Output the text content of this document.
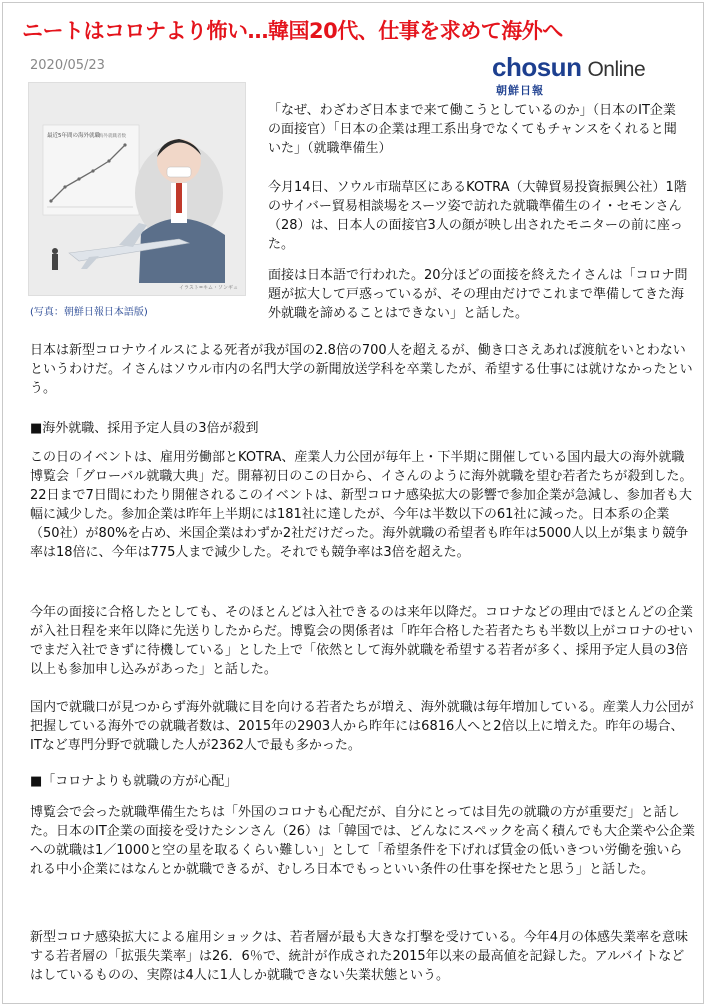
ニートはコロナより怖い…韓国20代、仕事を求めて海外へ
2020/05/23	chosun Online
朝鮮日報
最近5年間の海外就職 海外就職者数
イラスト=キム・ソンギュ
(写真：朝鮮日報日本語版)

「なぜ、わざわざ日本まで来て働こうとしているのか」（日本のIT企業の面接官）「日本の企業は理工系出身でなくてもチャンスをくれると聞いた」（就職準備生）

今月14日、ソウル市瑞草区にあるKOTRA（大韓貿易投資振興公社）1階のサイバー貿易相談場をスーツ姿で訪れた就職準備生のイ・セモンさん（28）は、日本人の面接官3人の顔が映し出されたモニターの前に座った。

面接は日本語で行われた。20分ほどの面接を終えたイさんは「コロナ問題が拡大して戸惑っているが、その理由だけでこれまで準備してきた海外就職を諦めることはできない」と話した。

日本は新型コロナウイルスによる死者が我が国の2.8倍の700人を超えるが、働き口さえあれば渡航をいとわないというわけだ。イさんはソウル市内の名門大学の新聞放送学科を卒業したが、希望する仕事には就けなかったという。

■海外就職、採用予定人員の3倍が殺到

この日のイベントは、雇用労働部とKOTRA、産業人力公団が毎年上・下半期に開催している国内最大の海外就職博覧会「グローバル就職大典」だ。開幕初日のこの日から、イさんのように海外就職を望む若者たちが殺到した。22日まで7日間にわたり開催されるこのイベントは、新型コロナ感染拡大の影響で参加企業が急減し、参加者も大幅に減少した。参加企業は昨年上半期には181社に達したが、今年は半数以下の61社に減った。日本系の企業（50社）が80%を占め、米国企業はわずか2社だけだった。海外就職の希望者も昨年は5000人以上が集まり競争率は18倍に、今年は775人まで減少した。それでも競争率は3倍を超えた。

今年の面接に合格したとしても、そのほとんどは入社できるのは来年以降だ。コロナなどの理由でほとんどの企業が入社日程を来年以降に先送りしたからだ。博覧会の関係者は「昨年合格した若者たちも半数以上がコロナのせいでまだ入社できずに待機している」とした上で「依然として海外就職を希望する若者が多く、採用予定人員の3倍以上も参加申し込みがあった」と話した。

国内で就職口が見つからず海外就職に目を向ける若者たちが増え、海外就職は毎年増加している。産業人力公団が把握している海外での就職者数は、2015年の2903人から昨年には6816人へと2倍以上に増えた。昨年の場合、ITなど専門分野で就職した人が2362人で最も多かった。

■「コロナよりも就職の方が心配」

博覧会で会った就職準備生たちは「外国のコロナも心配だが、自分にとっては目先の就職の方が重要だ」と話した。日本のIT企業の面接を受けたシンさん（26）は「韓国では、どんなにスペックを高く積んでも大企業や公企業への就職は1／1000と空の星を取るくらい難しい」として「希望条件を下げれば賃金の低いきつい労働を強いられる中小企業にはなんとか就職できるが、むしろ日本でもっといい条件の仕事を探せたと思う」と話した。

新型コロナ感染拡大による雇用ショックは、若者層が最も大きな打撃を受けている。今年4月の体感失業率を意味する若者層の「拡張失業率」は26．6％で、統計が作成された2015年以来の最高値を記録した。アルバイトなどはしているものの、実際は4人に1人しか就職できない失業状態という。
